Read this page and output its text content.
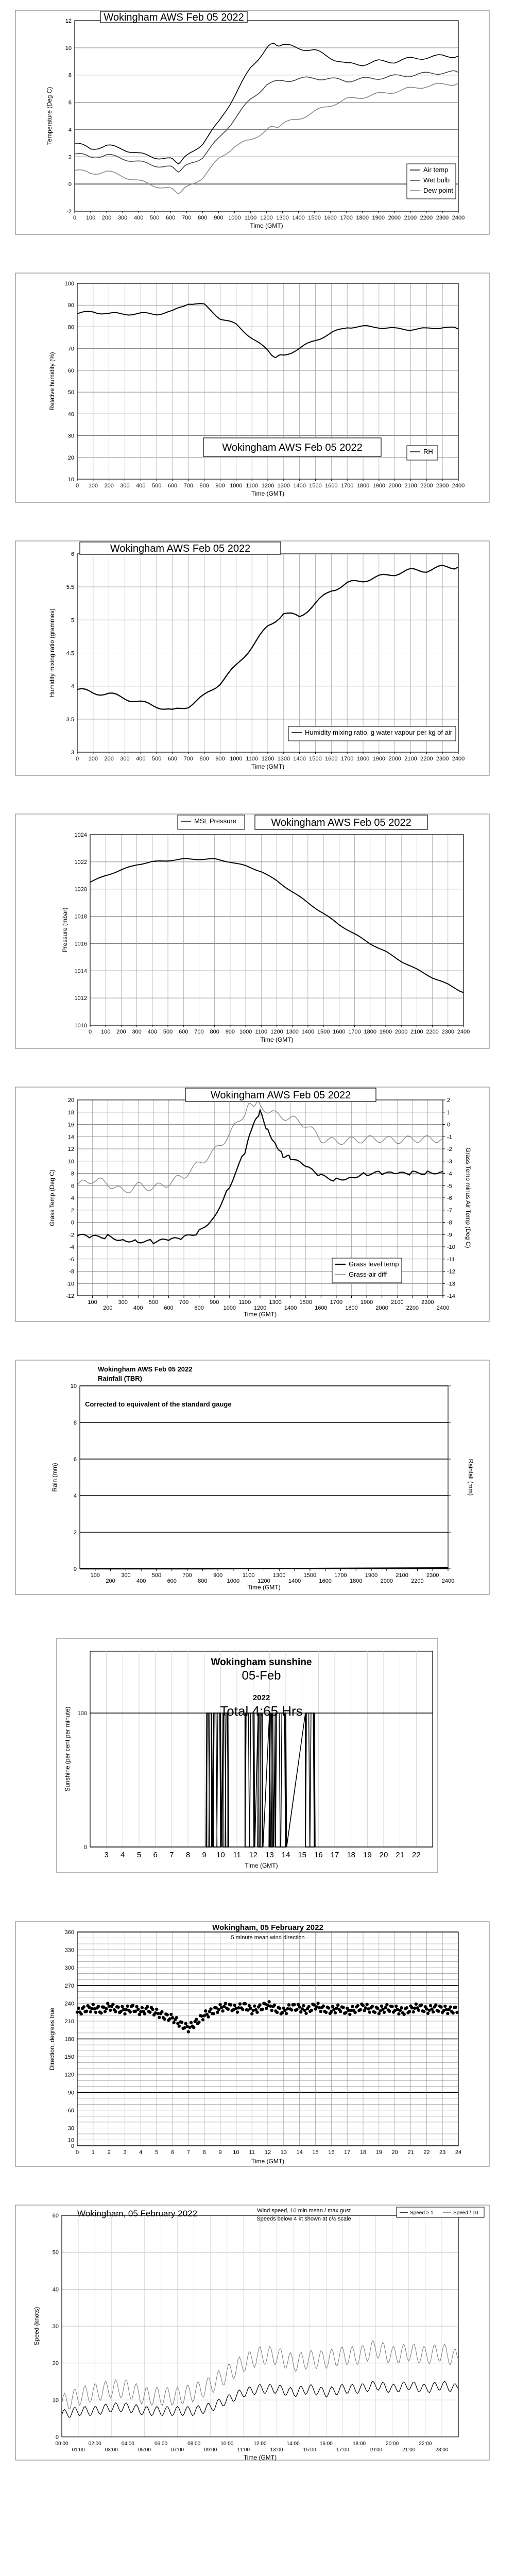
-2
0
2
4
6
8
10
12
0 100 200 300 400 500 600 700 800 900 1000 1100 1200 1300 1400 1500 1600 1700 1800 1900 2000 2100 2200 2300 2400
Time (GMT)
Temperature (Deg C)
Wokingham AWS Feb 05 2022
Air temp
Wet bulb
Dew point
10
20
30
40
50
60
70
80
90
100
0 100 200 300 400 500 600 700 800 900 1000 1100 1200 1300 1400 1500 1600 1700 1800 1900 2000 2100 2200 2300 2400
Time (GMT)
Relative humidity (%)
Wokingham AWS Feb 05 2022	RH
3
3.5
4
4.5
5
5.5
6
0 100 200 300 400 500 600 700 800 900 1000 1100 1200 1300 1400 1500 1600 1700 1800 1900 2000 2100 2200 2300 2400
Time (GMT)
Humidity mixing ratio (grammes)
Wokingham AWS Feb 05 2022
Humidity mixing ratio, g water vapour per kg of air
1010
1012
1014
1016
1018
1020
1022
1024
0 100 200 300 400 500 600 700 800 900 1000 1100 1200 1300 1400 1500 1600 1700 1800 1900 2000 2100 2200 2300 2400
Time (GMT)
Pressure (mbar)
Wokingham AWS Feb 05 2022
MSL Pressure
-12
-10
-8
-6
-4
-2
0
2
4
6
8
10
12
14
16
18
20
100
200
300
400
500
600
700
800
900
1000
1100
1200
1300
1400
1500
1600
1700
1800
1900
2000
2100
2200
2300
2400
Time (GMT)
Grass Temp (Deg C)
-14
-13
-12
-11
-10
-9
-8
-7
-6
-5
-4
-3
-2
-1
0
1
2
Grass Temp minus Air Temp (Deg C)
Wokingham AWS Feb 05 2022
Grass level temp
Grass-air diff
0
2
4
6
8
10
100
200
300
400
500
600
700
800
900
1000
1100
1200
1300
1400
1500
1600
1700
1800
1900
2000
2100
2200
2300
2400
Time (GMT)
Rain (mm)	Rainfall (mm)
Wokingham AWS Feb 05 2022
Rainfall (TBR)
Corrected to equivalent of the standard gauge
3 4 5 6 7 8 9 10 11 12 13 14 15 16 17 18 19 20 21 22
0
100
Time (GMT)
Sunshine (per cent per minute)
Wokingham sunshine
05-Feb
2022
Total 4:65 Hrs
0
10
30
60
90
120
150
180
210
240
270
300
330
360
0 1 2 3 4 5 6 7 8 9 10 11 12 13 14 15 16 17 18 19 20 21 22 23 24
Time (GMT)
Direction, degrees true
Wokingham, 05 February 2022
5 minute mean wind direction
0
10
20
30
40
50
60
00:00
01:00
02:00
03:00
04:00
05:00
06:00
07:00
08:00
09:00
10:00
11:00
12:00
13:00
14:00
15:00
16:00
17:00
18:00
19:00
20:00
21:00
22:00
23:00
Time (GMT)
Speed (knots)
Wokingham, 05 February 2022	Wind speed, 10 min mean / max gust
Speeds below 4 kt shown at c½ scale
Speed ≥ 1	Speed / 10
